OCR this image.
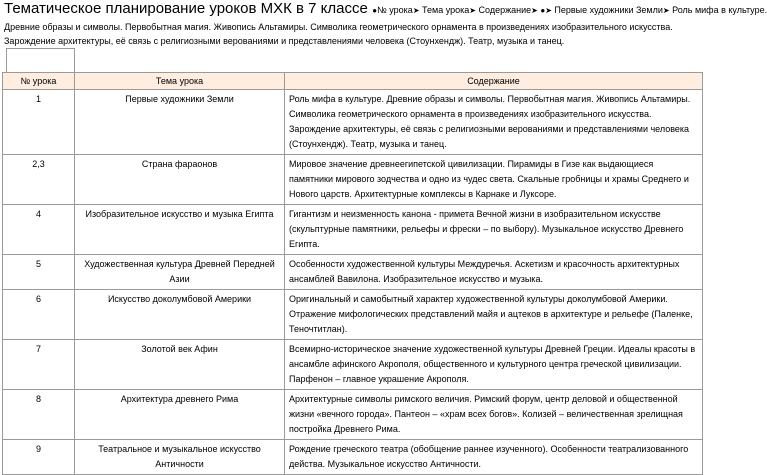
Тематическое планирование уроков МХК в 7 классе ●№ урока➤ Тема урока➤ Содержание➤ ●➤ Первые художники Земли➤ Роль мифа в культуре.
Древние образы и символы. Первобытная магия. Живопись Альтамиры. Символика геометрического орнамента в произведениях изобразительного искусства. Зарождение архитектуры, её связь с религиозными верованиями и представлениями человека (Стоунхендж). Театр, музыка и танец.
№ урока	Тема урока	Содержание
1	Первые художники Земли	Роль мифа в культуре. Древние образы и символы. Первобытная магия. Живопись Альтамиры. Символика геометрического орнамента в произведениях изобразительного искусства. Зарождение архитектуры, её связь с религиозными верованиями и представлениями человека (Стоунхендж). Театр, музыка и танец.
2,3	Страна фараонов	Мировое значение древнеегипетской цивилизации. Пирамиды в Гизе как выдающиеся памятники мирового зодчества и одно из чудес света. Скальные гробницы и храмы Среднего и Нового царств. Архитектурные комплексы в Карнаке и Луксоре.
4	Изобразительное искусство и музыка Египта	Гигантизм и неизменность канона - примета Вечной жизни в изобразительном искусстве (скульптурные памятники, рельефы и фрески – по выбору). Музыкальное искусство Древнего Египта.
5	Художественная культура Древней Передней Азии	Особенности художественной культуры Междуречья. Аскетизм и красочность архитектурных ансамблей Вавилона. Изобразительное искусство и музыка.
6	Искусство доколумбовой Америки	Оригинальный и самобытный характер художественной культуры доколумбовой Америки. Отражение мифологических представлений майя и ацтеков в архитектуре и рельефе (Паленке, Теночтитлан).
7	Золотой век Афин	Всемирно-историческое значение художественной культуры Древней Греции. Идеалы красоты в ансамбле афинского Акрополя, общественного и культурного центра греческой цивилизации. Парфенон – главное украшение Акрополя.
8	Архитектура древнего Рима	Архитектурные символы римского величия. Римский форум, центр деловой и общественной жизни «вечного города». Пантеон – «храм всех богов». Колизей – величественная зрелищная постройка Древнего Рима.
9	Театральное и музыкальное искусство Античности	Рождение греческого театра (обобщение раннее изученного). Особенности театрализованного действа. Музыкальное искусство Античности.
